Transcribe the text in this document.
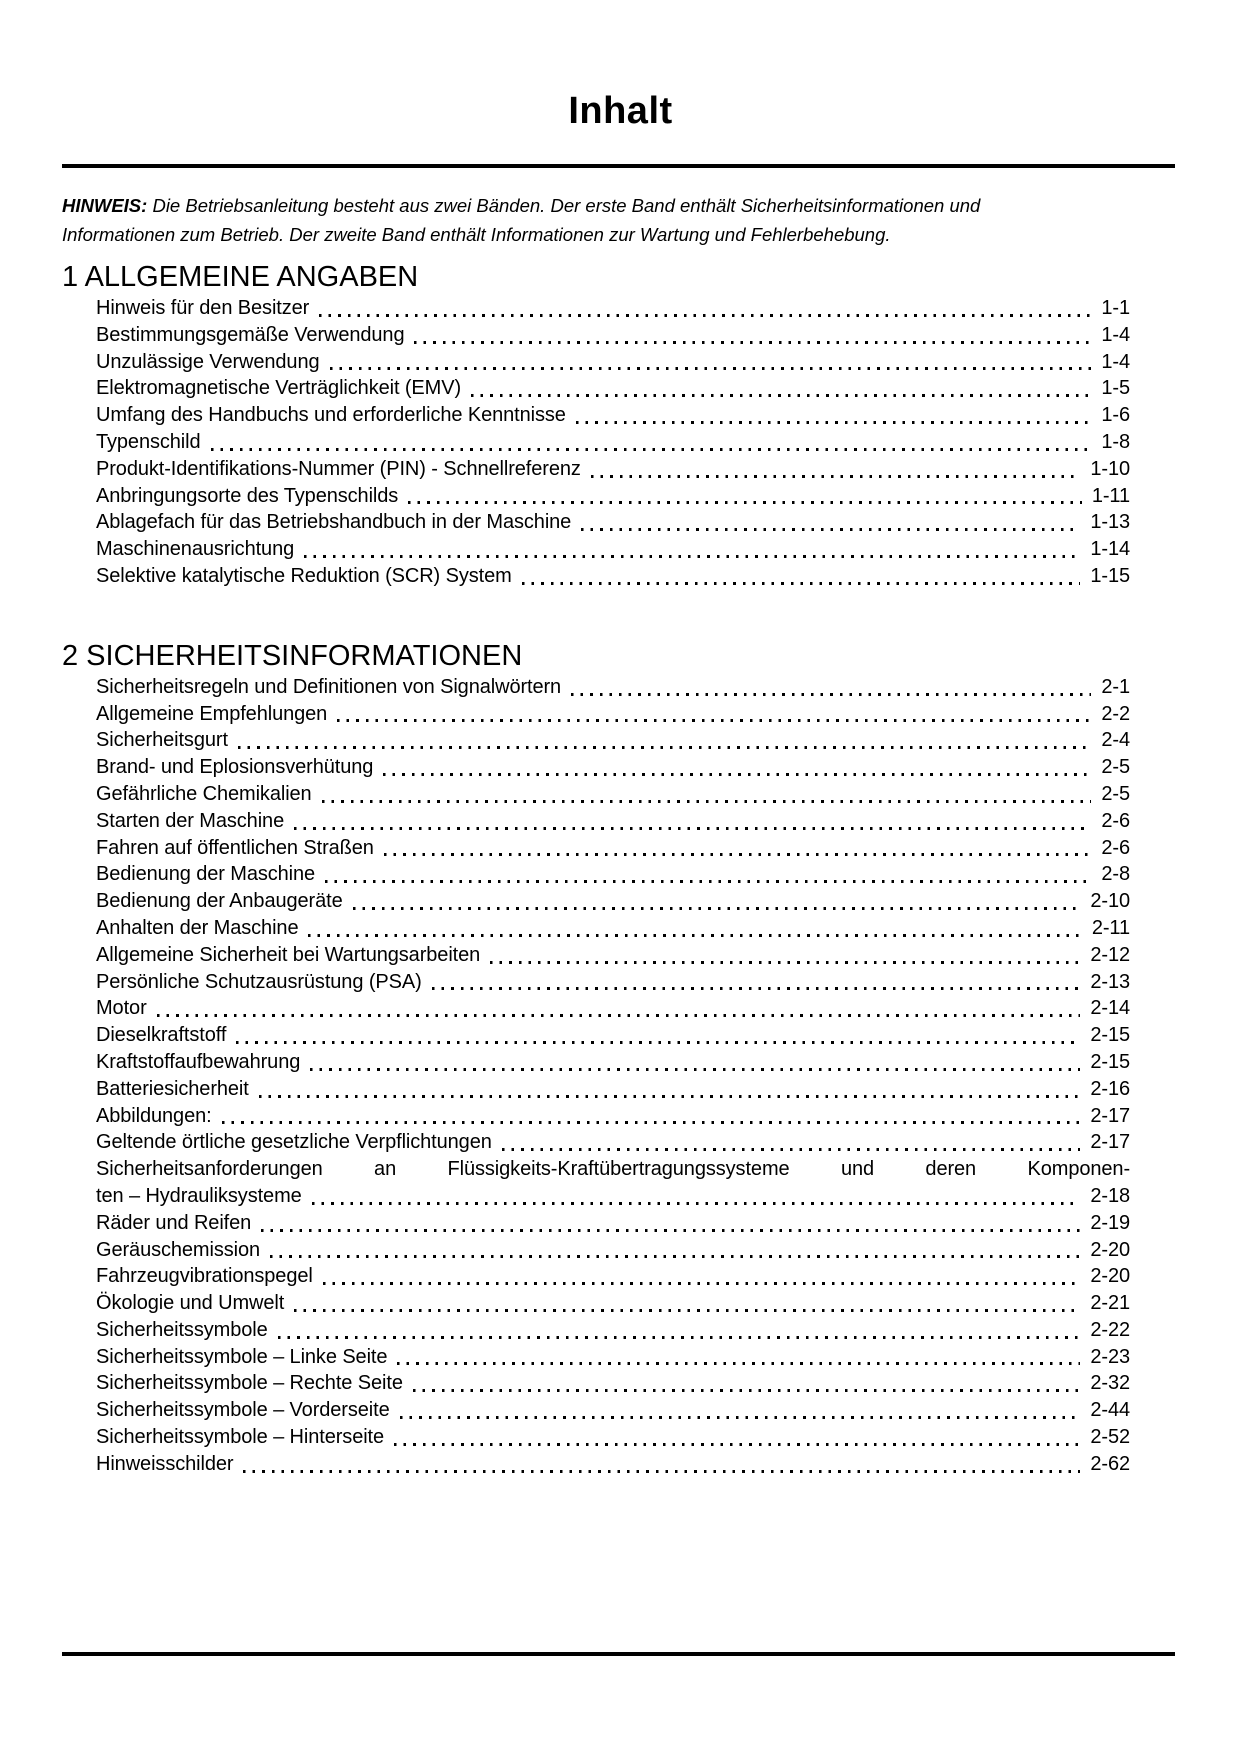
Inhalt

HINWEIS: Die Betriebsanleitung besteht aus zwei Bänden. Der erste Band enthält Sicherheitsinformationen und
Informationen zum Betrieb. Der zweite Band enthält Informationen zur Wartung und Fehlerbehebung.

1 ALLGEMEINE ANGABEN
Hinweis für den Besitzer	1-1
Bestimmungsgemäße Verwendung	1-4
Unzulässige Verwendung	1-4
Elektromagnetische Verträglichkeit (EMV)	1-5
Umfang des Handbuchs und erforderliche Kenntnisse	1-6
Typenschild	1-8
Produkt-Identifikations-Nummer (PIN) - Schnellreferenz	1-10
Anbringungsorte des Typenschilds	1-11
Ablagefach für das Betriebshandbuch in der Maschine	1-13
Maschinenausrichtung	1-14
Selektive katalytische Reduktion (SCR) System	1-15
2 SICHERHEITSINFORMATIONEN
Sicherheitsregeln und Definitionen von Signalwörtern	2-1
Allgemeine Empfehlungen	2-2
Sicherheitsgurt	2-4
Brand- und Eplosionsverhütung	2-5
Gefährliche Chemikalien	2-5
Starten der Maschine	2-6
Fahren auf öffentlichen Straßen	2-6
Bedienung der Maschine	2-8
Bedienung der Anbaugeräte	2-10
Anhalten der Maschine	2-11
Allgemeine Sicherheit bei Wartungsarbeiten	2-12
Persönliche Schutzausrüstung (PSA)	2-13
Motor	2-14
Dieselkraftstoff	2-15
Kraftstoffaufbewahrung	2-15
Batteriesicherheit	2-16
Abbildungen:	2-17
Geltende örtliche gesetzliche Verpflichtungen	2-17
Sicherheitsanforderungen an Flüssigkeits-Kraftübertragungssysteme und deren Komponen-
ten – Hydrauliksysteme	2-18
Räder und Reifen	2-19
Geräuschemission	2-20
Fahrzeugvibrationspegel	2-20
Ökologie und Umwelt	2-21
Sicherheitssymbole	2-22
Sicherheitssymbole – Linke Seite	2-23
Sicherheitssymbole – Rechte Seite	2-32
Sicherheitssymbole – Vorderseite	2-44
Sicherheitssymbole – Hinterseite	2-52
Hinweisschilder	2-62
